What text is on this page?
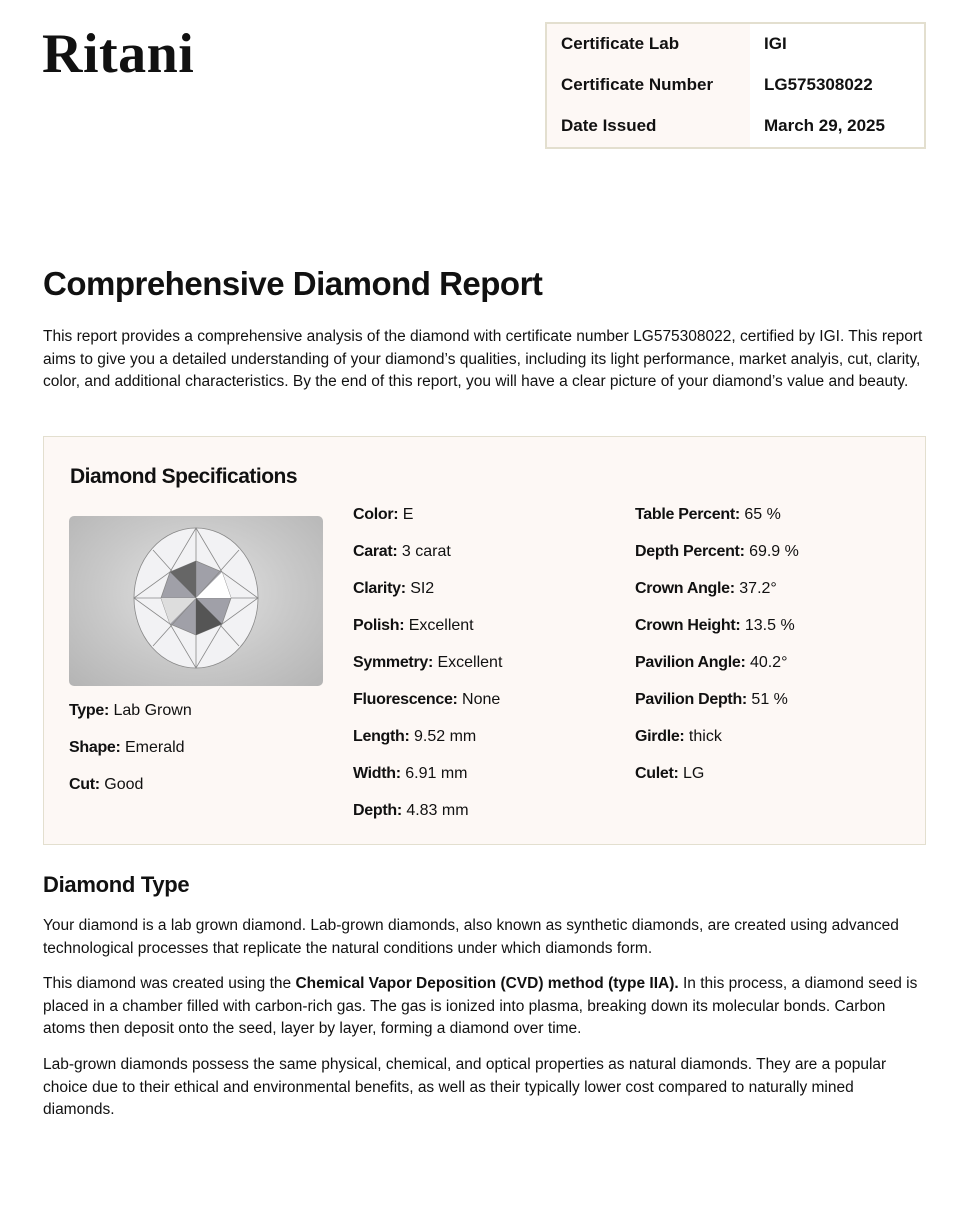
Ritani	Certificate Lab	IGI
Certificate Number	LG575308022
Date Issued	March 29, 2025
Comprehensive Diamond Report

This report provides a comprehensive analysis of the diamond with certificate number LG575308022, certified by IGI. This report aims to give you a detailed understanding of your diamond’s qualities, including its light performance, market analyis, cut, clarity, color, and additional characteristics. By the end of this report, you will have a clear picture of your diamond’s value and beauty.

Diamond Specifications
Type: Lab Grown
Shape: Emerald
Cut: Good
Color: E
Carat: 3 carat
Clarity: SI2
Polish: Excellent
Symmetry: Excellent
Fluorescence: None
Length: 9.52 mm
Width: 6.91 mm
Depth: 4.83 mm
Table Percent: 65 %
Depth Percent: 69.9 %
Crown Angle: 37.2°
Crown Height: 13.5 %
Pavilion Angle: 40.2°
Pavilion Depth: 51 %
Girdle: thick
Culet: LG
Diamond Type

Your diamond is a lab grown diamond. Lab-grown diamonds, also known as synthetic diamonds, are created using advanced technological processes that replicate the natural conditions under which diamonds form.

This diamond was created using the Chemical Vapor Deposition (CVD) method (type IIA). In this process, a diamond seed is placed in a chamber filled with carbon-rich gas. The gas is ionized into plasma, breaking down its molecular bonds. Carbon atoms then deposit onto the seed, layer by layer, forming a diamond over time.

Lab-grown diamonds possess the same physical, chemical, and optical properties as natural diamonds. They are a popular choice due to their ethical and environmental benefits, as well as their typically lower cost compared to naturally mined diamonds.
